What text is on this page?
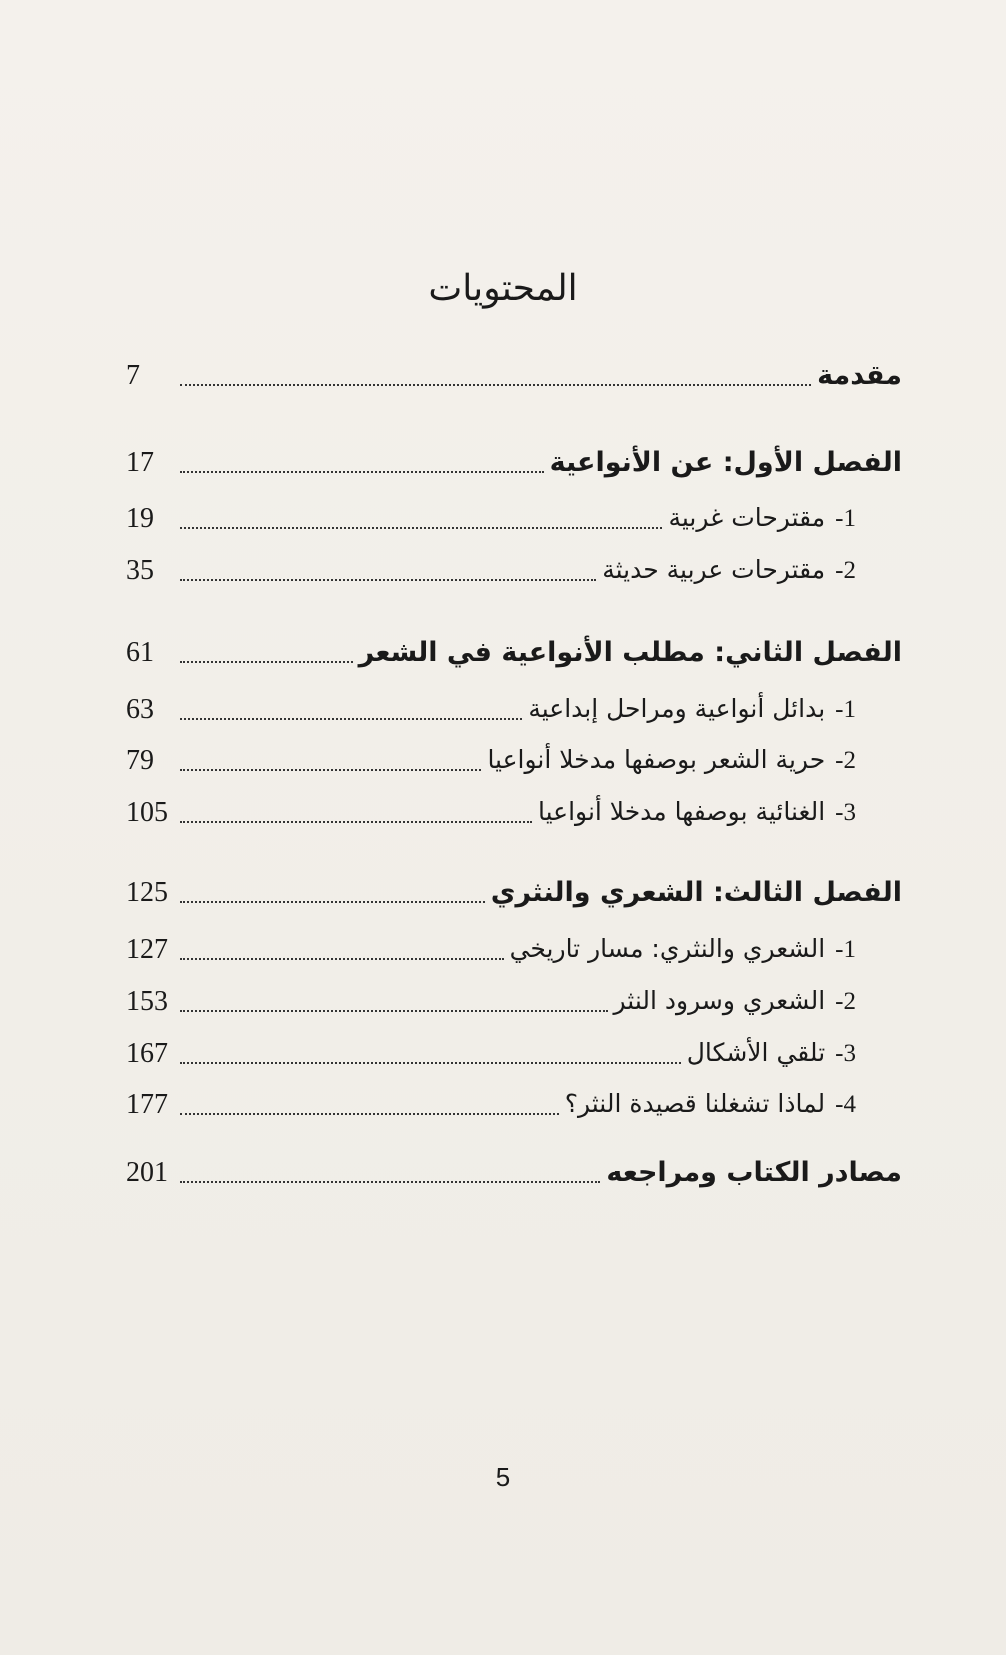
المحتويات
مقدمة
7
الفصل الأول: عن الأنواعية
17
1-مقترحات غربية
19
2-مقترحات عربية حديثة
35
الفصل الثاني: مطلب الأنواعية في الشعر
61
1-بدائل أنواعية ومراحل إبداعية
63
2-حرية الشعر بوصفها مدخلا أنواعيا
79
3-الغنائية بوصفها مدخلا أنواعيا
105
الفصل الثالث: الشعري والنثري
125
1-الشعري والنثري: مسار تاريخي
127
2-الشعري وسرود النثر
153
3-تلقي الأشكال
167
4-لماذا تشغلنا قصيدة النثر؟
177
مصادر الكتاب ومراجعه
201
5
